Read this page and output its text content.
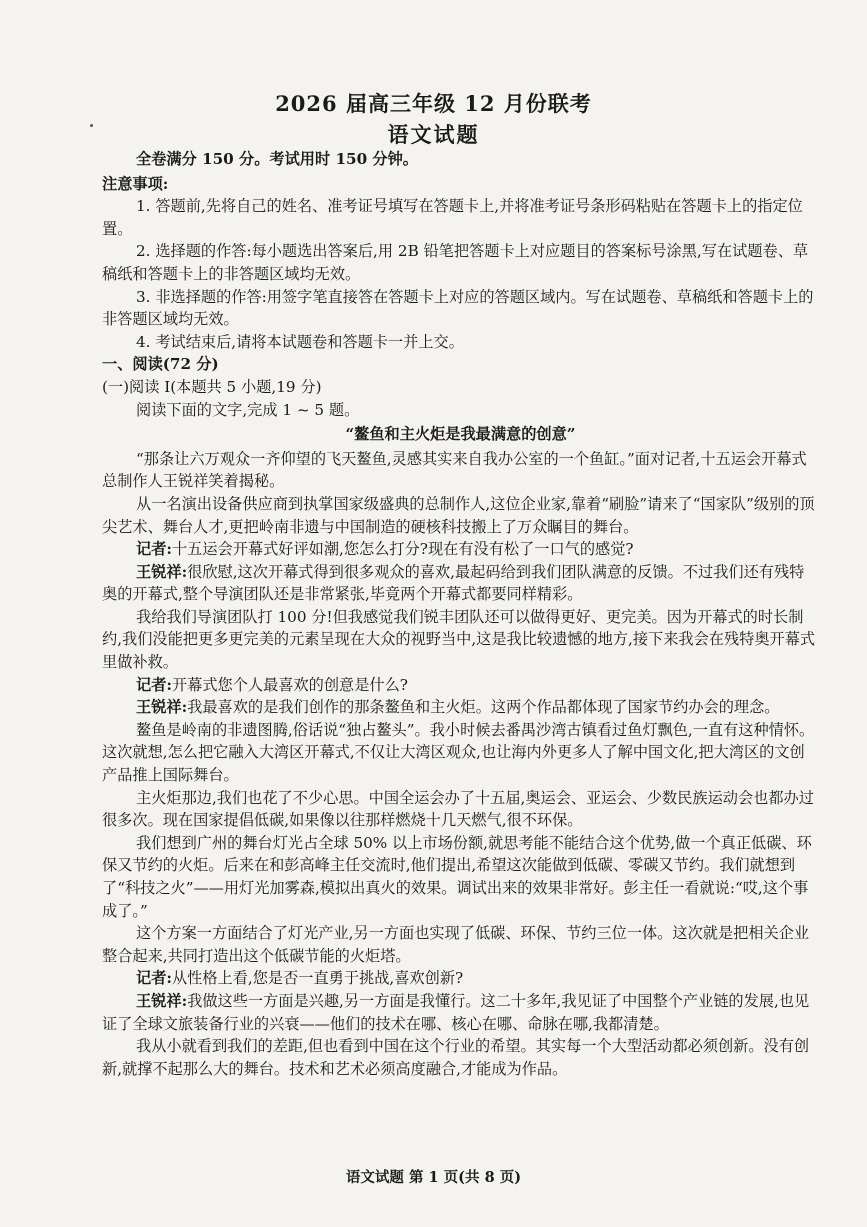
2026 届高三年级 12 月份联考
语文试题

全卷满分 150 分。考试用时 150 分钟。

注意事项:

1. 答题前,先将自己的姓名、准考证号填写在答题卡上,并将准考证号条形码粘贴在答题卡上的指定位置。

2. 选择题的作答:每小题选出答案后,用 2B 铅笔把答题卡上对应题目的答案标号涂黑,写在试题卷、草稿纸和答题卡上的非答题区域均无效。

3. 非选择题的作答:用签字笔直接答在答题卡上对应的答题区域内。写在试题卷、草稿纸和答题卡上的非答题区域均无效。

4. 考试结束后,请将本试题卷和答题卡一并上交。

一、阅读(72 分)

(一)阅读 I(本题共 5 小题,19 分)

阅读下面的文字,完成 1 ~ 5 题。

“鳌鱼和主火炬是我最满意的创意”

“那条让六万观众一齐仰望的飞天鳌鱼,灵感其实来自我办公室的一个鱼缸。”面对记者,十五运会开幕式总制作人王锐祥笑着揭秘。

从一名演出设备供应商到执掌国家级盛典的总制作人,这位企业家,靠着“刷脸”请来了“国家队”级别的顶尖艺术、舞台人才,更把岭南非遗与中国制造的硬核科技搬上了万众瞩目的舞台。

记者:十五运会开幕式好评如潮,您怎么打分?现在有没有松了一口气的感觉?

王锐祥:很欣慰,这次开幕式得到很多观众的喜欢,最起码给到我们团队满意的反馈。不过我们还有残特奥的开幕式,整个导演团队还是非常紧张,毕竟两个开幕式都要同样精彩。

我给我们导演团队打 100 分!但我感觉我们锐丰团队还可以做得更好、更完美。因为开幕式的时长制约,我们没能把更多更完美的元素呈现在大众的视野当中,这是我比较遗憾的地方,接下来我会在残特奥开幕式里做补救。

记者:开幕式您个人最喜欢的创意是什么?

王锐祥:我最喜欢的是我们创作的那条鳌鱼和主火炬。这两个作品都体现了国家节约办会的理念。

鳌鱼是岭南的非遗图腾,俗话说“独占鳌头”。我小时候去番禺沙湾古镇看过鱼灯飘色,一直有这种情怀。这次就想,怎么把它融入大湾区开幕式,不仅让大湾区观众,也让海内外更多人了解中国文化,把大湾区的文创产品推上国际舞台。

主火炬那边,我们也花了不少心思。中国全运会办了十五届,奥运会、亚运会、少数民族运动会也都办过很多次。现在国家提倡低碳,如果像以往那样燃烧十几天燃气,很不环保。

我们想到广州的舞台灯光占全球 50% 以上市场份额,就思考能不能结合这个优势,做一个真正低碳、环保又节约的火炬。后来在和彭高峰主任交流时,他们提出,希望这次能做到低碳、零碳又节约。我们就想到了“科技之火”——用灯光加雾森,模拟出真火的效果。调试出来的效果非常好。彭主任一看就说:“哎,这个事成了。”

这个方案一方面结合了灯光产业,另一方面也实现了低碳、环保、节约三位一体。这次就是把相关企业整合起来,共同打造出这个低碳节能的火炬塔。

记者:从性格上看,您是否一直勇于挑战,喜欢创新?

王锐祥:我做这些一方面是兴趣,另一方面是我懂行。这二十多年,我见证了中国整个产业链的发展,也见证了全球文旅装备行业的兴衰——他们的技术在哪、核心在哪、命脉在哪,我都清楚。

我从小就看到我们的差距,但也看到中国在这个行业的希望。其实每一个大型活动都必须创新。没有创新,就撑不起那么大的舞台。技术和艺术必须高度融合,才能成为作品。

语文试题 第 1 页(共 8 页)
